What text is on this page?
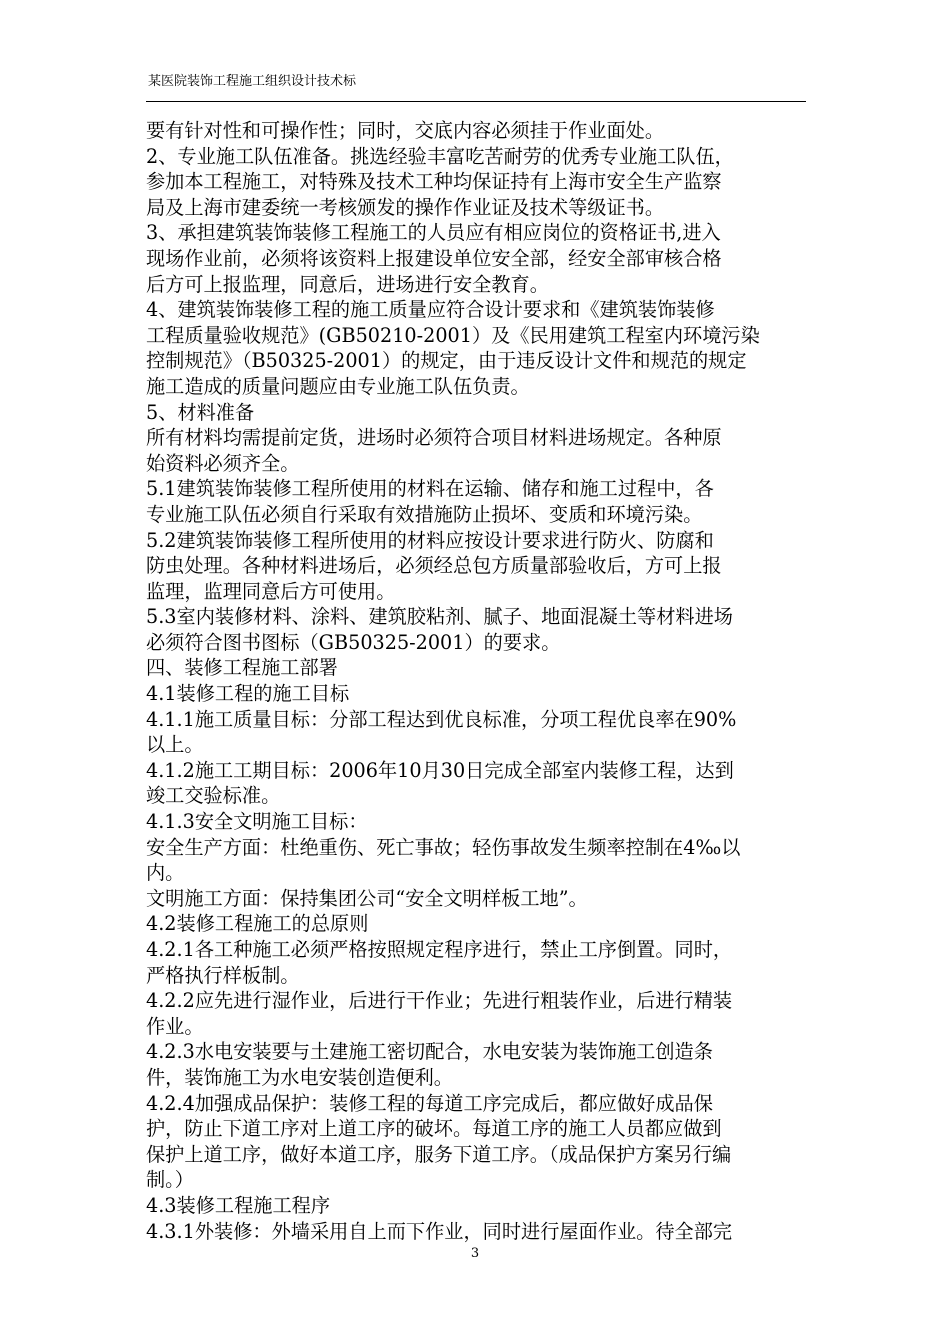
某医院装饰工程施工组织设计技术标
要有针对性和可操作性；同时，交底内容必须挂于作业面处。
2、专业施工队伍准备。挑选经验丰富吃苦耐劳的优秀专业施工队伍，
参加本工程施工，对特殊及技术工种均保证持有上海市安全生产监察
局及上海市建委统一考核颁发的操作作业证及技术等级证书。
3、承担建筑装饰装修工程施工的人员应有相应岗位的资格证书,进入
现场作业前，必须将该资料上报建设单位安全部，经安全部审核合格
后方可上报监理，同意后，进场进行安全教育。
4、建筑装饰装修工程的施工质量应符合设计要求和《建筑装饰装修
工程质量验收规范》(GB50210-2001）及《民用建筑工程室内环境污染
控制规范》（B50325-2001）的规定，由于违反设计文件和规范的规定
施工造成的质量问题应由专业施工队伍负责。
5、材料准备
所有材料均需提前定货，进场时必须符合项目材料进场规定。各种原
始资料必须齐全。
5.1建筑装饰装修工程所使用的材料在运输、储存和施工过程中，各
专业施工队伍必须自行采取有效措施防止损坏、变质和环境污染。
5.2建筑装饰装修工程所使用的材料应按设计要求进行防火、防腐和
防虫处理。各种材料进场后，必须经总包方质量部验收后，方可上报
监理，监理同意后方可使用。
5.3室内装修材料、涂料、建筑胶粘剂、腻子、地面混凝土等材料进场
必须符合图书图标（GB50325-2001）的要求。
四、装修工程施工部署
4.1装修工程的施工目标
4.1.1施工质量目标：分部工程达到优良标准，分项工程优良率在90%
以上。
4.1.2施工工期目标：2006年10月30日完成全部室内装修工程，达到
竣工交验标准。
4.1.3安全文明施工目标：
安全生产方面：杜绝重伤、死亡事故；轻伤事故发生频率控制在4‰以
内。
文明施工方面：保持集团公司“安全文明样板工地”。
4.2装修工程施工的总原则
4.2.1各工种施工必须严格按照规定程序进行，禁止工序倒置。同时，
严格执行样板制。
4.2.2应先进行湿作业，后进行干作业；先进行粗装作业，后进行精装
作业。
4.2.3水电安装要与土建施工密切配合，水电安装为装饰施工创造条
件，装饰施工为水电安装创造便利。
4.2.4加强成品保护：装修工程的每道工序完成后，都应做好成品保
护，防止下道工序对上道工序的破坏。每道工序的施工人员都应做到
保护上道工序，做好本道工序，服务下道工序。（成品保护方案另行编
制。）
4.3装修工程施工程序
4.3.1外装修：外墙采用自上而下作业，同时进行屋面作业。待全部完
3
